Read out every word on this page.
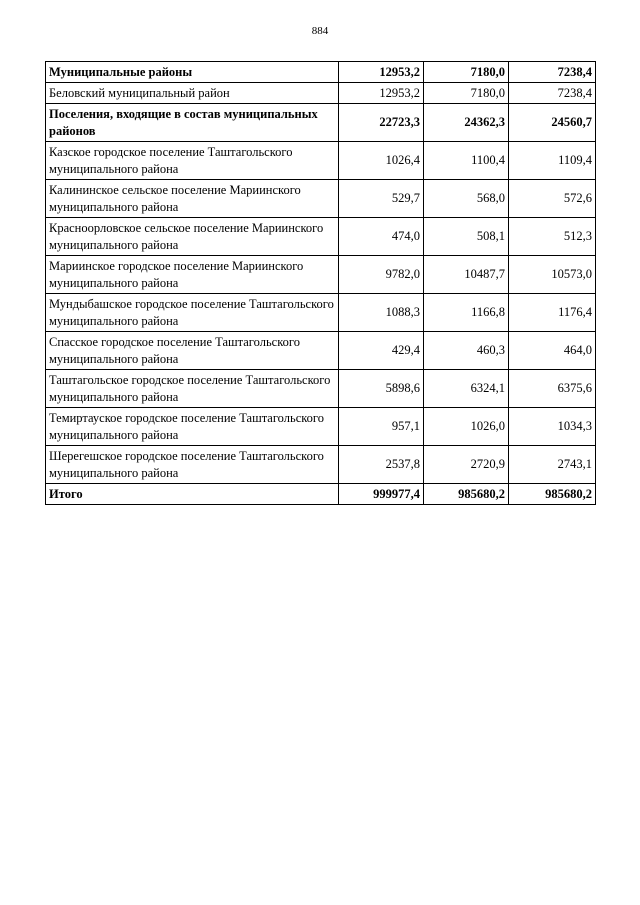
884
Муниципальные районы	12953,2	7180,0	7238,4
Беловский муниципальный район	12953,2	7180,0	7238,4
Поселения, входящие в состав муниципальных районов	22723,3	24362,3	24560,7
Казское городское поселение Таштагольского муниципального района	1026,4	1100,4	1109,4
Калининское сельское поселение Мариинского муниципального района	529,7	568,0	572,6
Красноорловское сельское поселение Мариинского муниципального района	474,0	508,1	512,3
Мариинское городское поселение Мариинского муниципального района	9782,0	10487,7	10573,0
Мундыбашское городское поселение Таштагольского муниципального района	1088,3	1166,8	1176,4
Спасское городское поселение Таштагольского муниципального района	429,4	460,3	464,0
Таштагольское городское поселение Таштагольского муниципального района	5898,6	6324,1	6375,6
Темиртауское городское поселение Таштагольского муниципального района	957,1	1026,0	1034,3
Шерегешское городское поселение Таштагольского муниципального района	2537,8	2720,9	2743,1
Итого	999977,4	985680,2	985680,2
